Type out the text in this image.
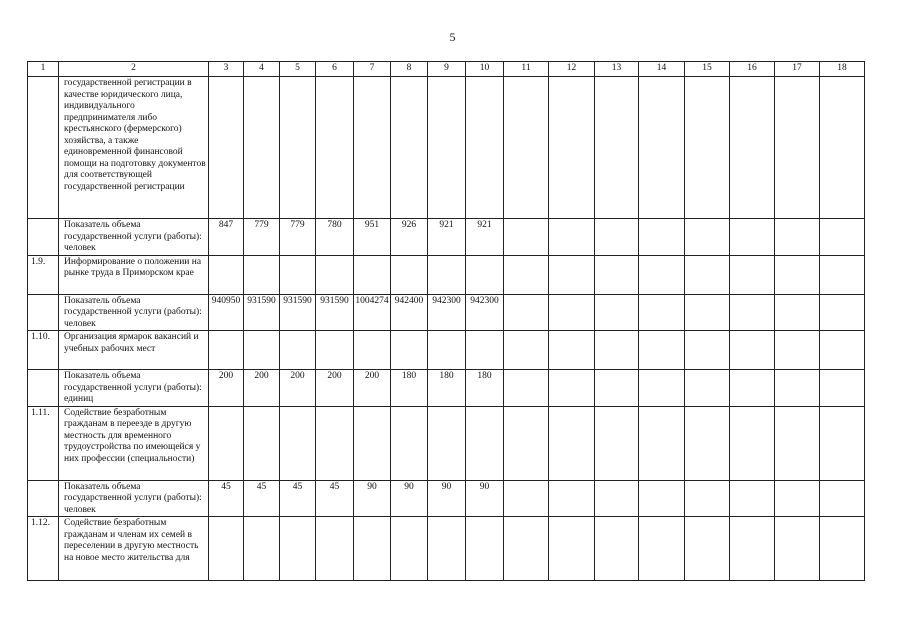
5
1	2	3	4	5	6	7	8	9	10	11	12	13	14	15	16	17	18
	государственной регистрации в качестве юридического лица, индивидуального предпринимателя либо крестьянского (фермерского) хозяйства, а также единовременной финансовой помощи на подготовку документов для соответствующей государственной регистрации																
	Показатель объема государственной услуги (работы): человек	847	779	779	780	951	926	921	921								
1.9.	Информирование о положении на рынке труда в Приморском крае																
	Показатель объема государственной услуги (работы): человек	940950	931590	931590	931590	1004274	942400	942300	942300								
1.10.	Организация ярмарок вакансий и учебных рабочих мест																
	Показатель объема государственной услуги (работы): единиц	200	200	200	200	200	180	180	180								
1.11.	Содействие безработным гражданам в переезде в другую местность для временного трудоустройства по имеющейся у них профессии (специальности)																
	Показатель объема государственной услуги (работы): человек	45	45	45	45	90	90	90	90								
1.12.	Содействие безработным гражданам и членам их семей в переселении в другую местность на новое место жительства для																
